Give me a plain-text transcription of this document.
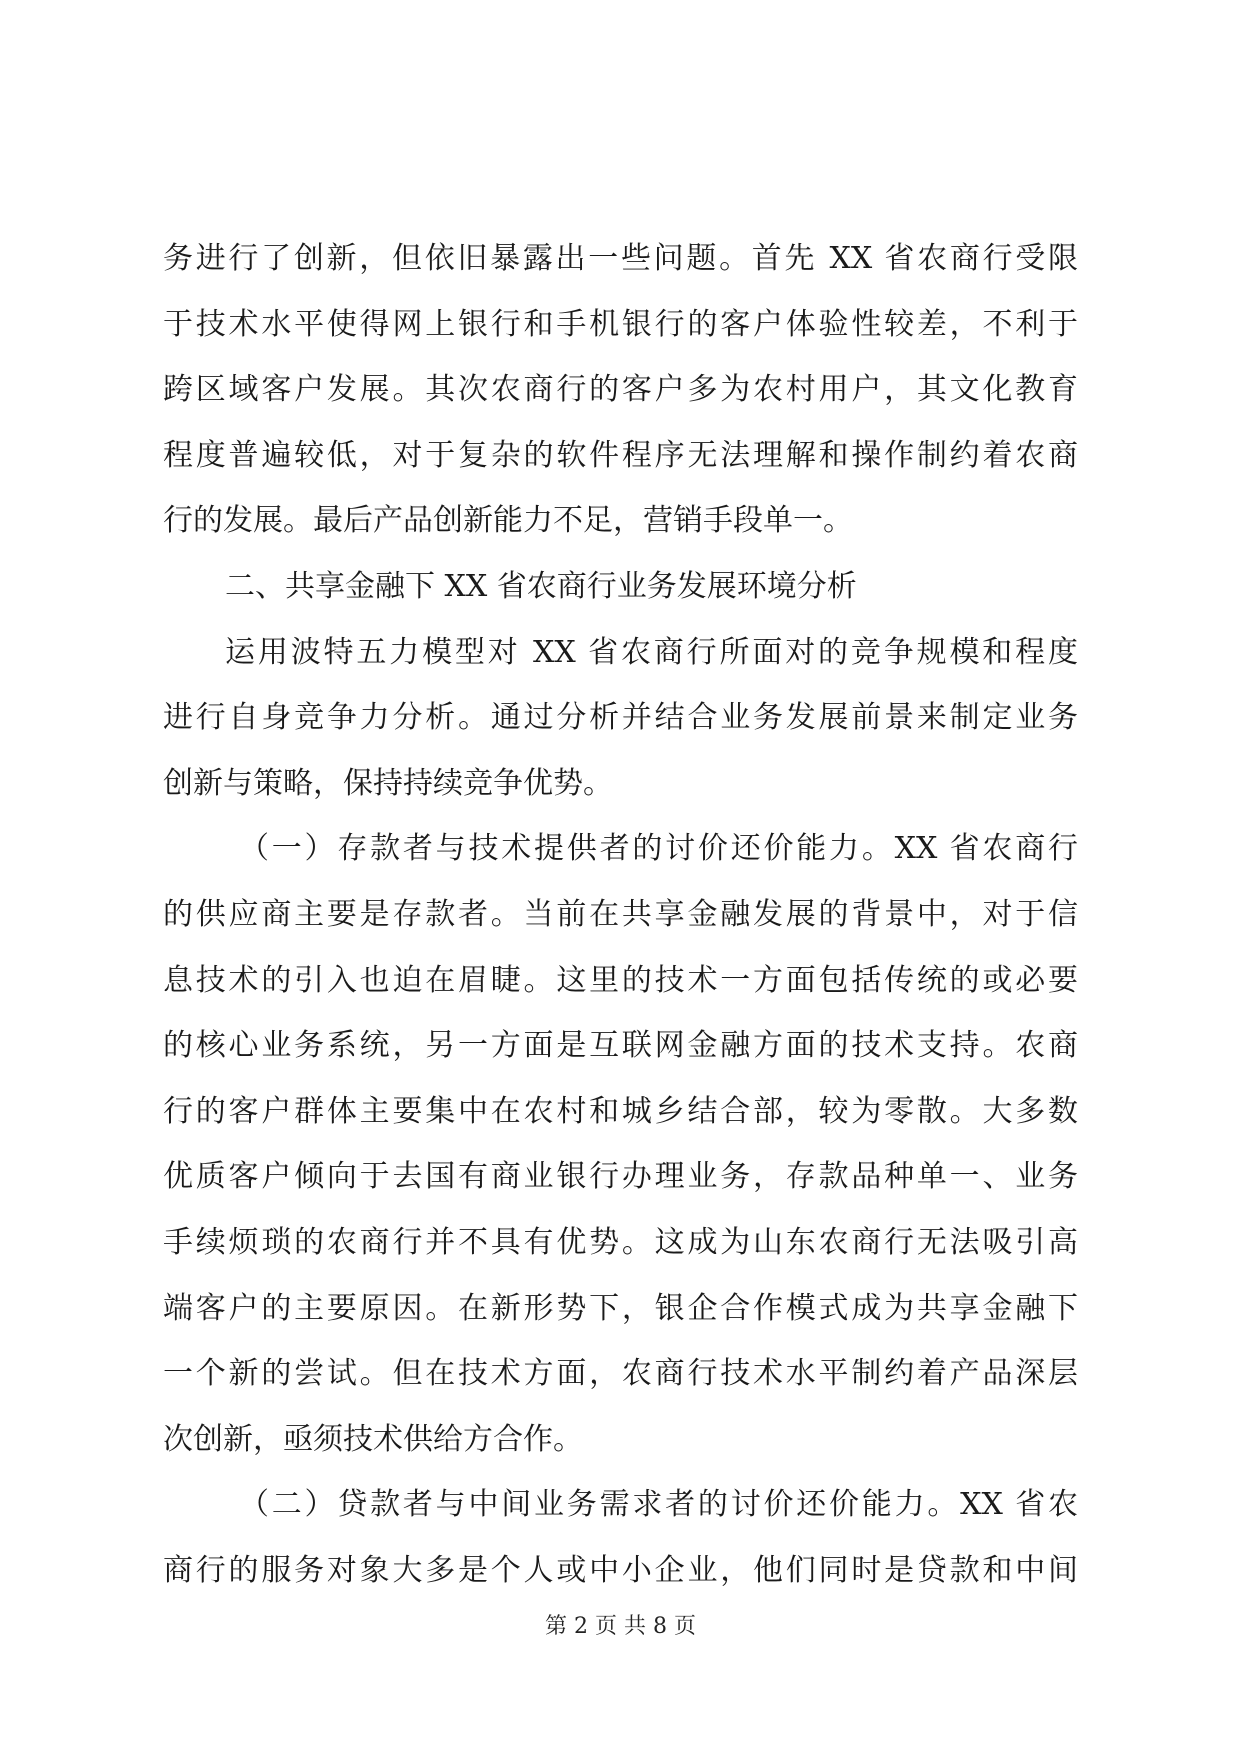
务进行了创新，但依旧暴露出一些问题。首先 XX 省农商行受限
于技术水平使得网上银行和手机银行的客户体验性较差，不利于
跨区域客户发展。其次农商行的客户多为农村用户，其文化教育
程度普遍较低，对于复杂的软件程序无法理解和操作制约着农商
行的发展。最后产品创新能力不足，营销手段单一。
二、共享金融下 XX 省农商行业务发展环境分析
运用波特五力模型对 XX 省农商行所面对的竞争规模和程度
进行自身竞争力分析。通过分析并结合业务发展前景来制定业务
创新与策略，保持持续竞争优势。
（一）存款者与技术提供者的讨价还价能力。XX 省农商行
的供应商主要是存款者。当前在共享金融发展的背景中，对于信
息技术的引入也迫在眉睫。这里的技术一方面包括传统的或必要
的核心业务系统，另一方面是互联网金融方面的技术支持。农商
行的客户群体主要集中在农村和城乡结合部，较为零散。大多数
优质客户倾向于去国有商业银行办理业务，存款品种单一、业务
手续烦琐的农商行并不具有优势。这成为山东农商行无法吸引高
端客户的主要原因。在新形势下，银企合作模式成为共享金融下
一个新的尝试。但在技术方面，农商行技术水平制约着产品深层
次创新，亟须技术供给方合作。
（二）贷款者与中间业务需求者的讨价还价能力。XX 省农
商行的服务对象大多是个人或中小企业，他们同时是贷款和中间
第 2 页 共 8 页
